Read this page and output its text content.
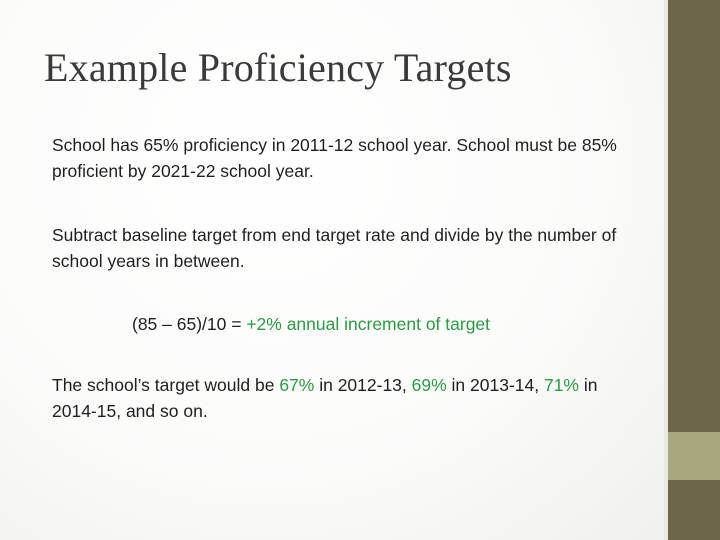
Example Proficiency Targets

School has 65% proficiency in 2011-12 school year. School must be 85% proficient by 2021-22 school year.

Subtract baseline target from end target rate and divide by the number of school years in between.

(85 – 65)/10 = +2% annual increment of target

The school’s target would be 67% in 2012-13, 69% in 2013-14, 71% in 2014-15, and so on.
